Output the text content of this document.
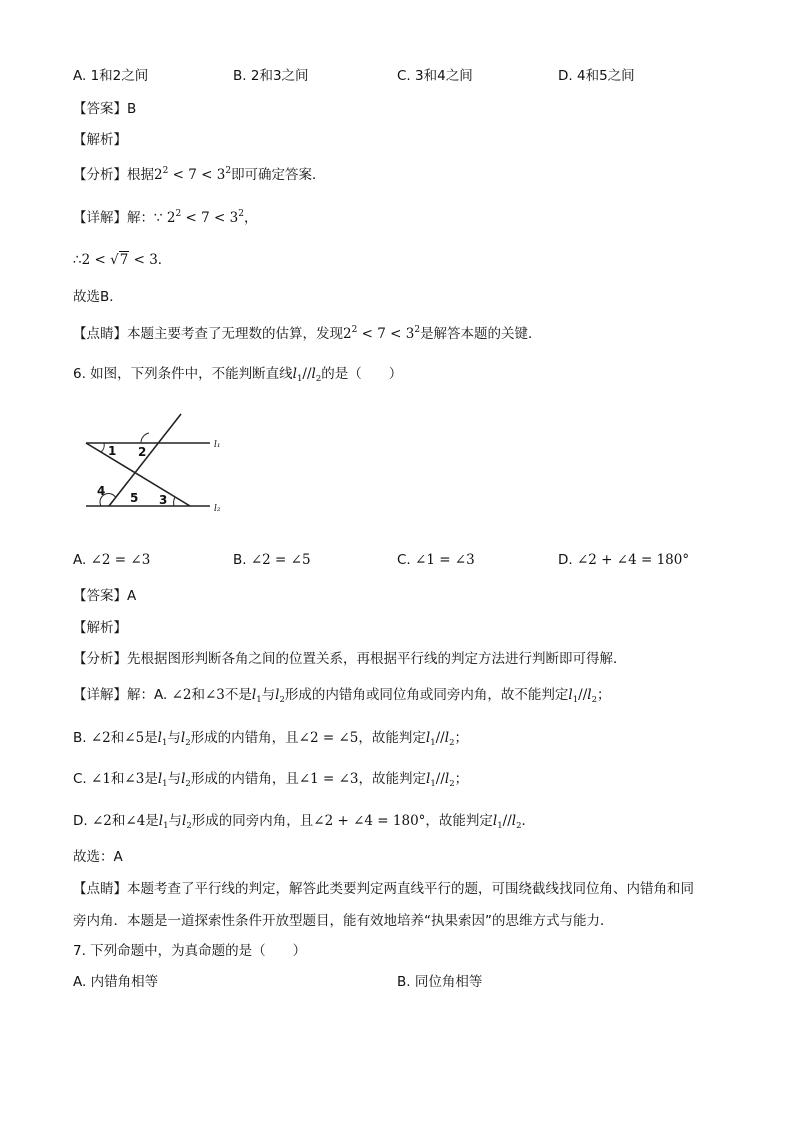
A. 1和2之间	B. 2和3之间	C. 3和4之间	D. 4和5之间
【答案】B
【解析】
【分析】根据$2^2 < 7 < 3^2$即可确定答案．
【详解】解：∵ $2^2 < 7 < 3^2$，
∴2 < √7 < 3．
故选B．
【点睛】本题主要考查了无理数的估算，发现$2^2 < 7 < 3^2$是解答本题的关键．
6. 如图，下列条件中，不能判断直线$l_1//l_2$的是（　　）
1 2
3
4 5
l₁
l₂
A. ∠2 = ∠3	B. ∠2 = ∠5	C. ∠1 = ∠3	D. ∠2 + ∠4 = 180°
【答案】A
【解析】
【分析】先根据图形判断各角之间的位置关系，再根据平行线的判定方法进行判断即可得解．
【详解】解：A. ∠2和∠3不是$l_1$与$l_2$形成的内错角或同位角或同旁内角，故不能判定$l_1//l_2$；
B. ∠2和∠5是$l_1$与$l_2$形成的内错角，且∠2 = ∠5，故能判定$l_1//l_2$；
C. ∠1和∠3是$l_1$与$l_2$形成的内错角，且∠1 = ∠3，故能判定$l_1//l_2$；
D. ∠2和∠4是$l_1$与$l_2$形成的同旁内角，且∠2 + ∠4 = 180°，故能判定$l_1//l_2$．
故选：A
【点睛】本题考查了平行线的判定，解答此类要判定两直线平行的题，可围绕截线找同位角、内错角和同
旁内角．本题是一道探索性条件开放型题目，能有效地培养“执果索因”的思维方式与能力．
7. 下列命题中，为真命题的是（　　）
A. 内错角相等	B. 同位角相等
